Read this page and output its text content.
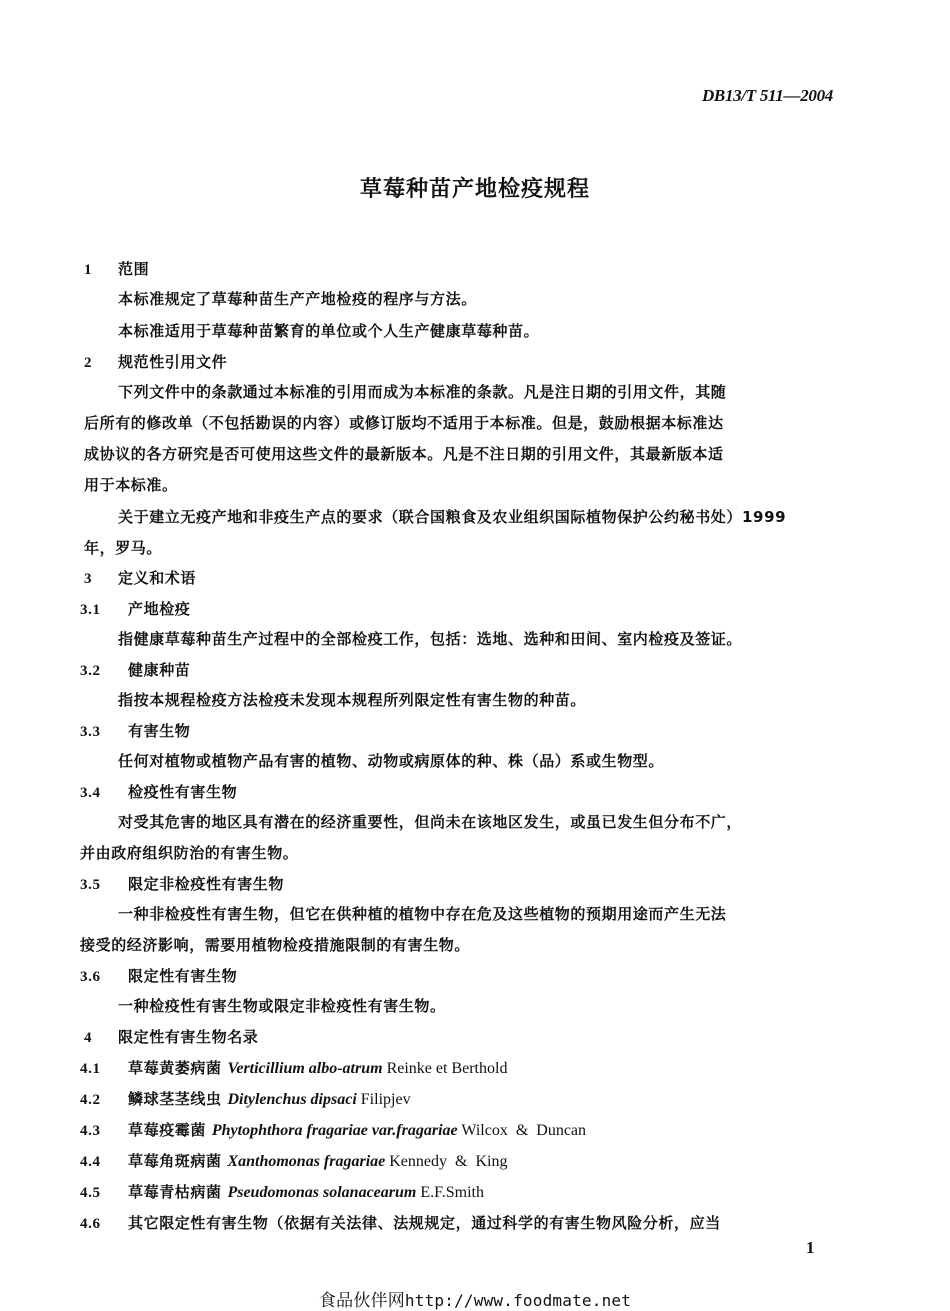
DB13/T 511—2004
草莓种苗产地检疫规程
1 范围
本标准规定了草莓种苗生产产地检疫的程序与方法。
本标准适用于草莓种苗繁育的单位或个人生产健康草莓种苗。
2 规范性引用文件
下列文件中的条款通过本标准的引用而成为本标准的条款。凡是注日期的引用文件，其随
后所有的修改单（不包括勘误的内容）或修订版均不适用于本标准。但是，鼓励根据本标准达
成协议的各方研究是否可使用这些文件的最新版本。凡是不注日期的引用文件，其最新版本适
用于本标准。
关于建立无疫产地和非疫生产点的要求（联合国粮食及农业组织国际植物保护公约秘书处）1999
年，罗马。
3 定义和术语
3.1 产地检疫
指健康草莓种苗生产过程中的全部检疫工作，包括：选地、选种和田间、室内检疫及签证。
3.2 健康种苗
指按本规程检疫方法检疫未发现本规程所列限定性有害生物的种苗。
3.3 有害生物
任何对植物或植物产品有害的植物、动物或病原体的种、株（品）系或生物型。
3.4 检疫性有害生物
对受其危害的地区具有潜在的经济重要性，但尚未在该地区发生，或虽已发生但分布不广，
并由政府组织防治的有害生物。
3.5 限定非检疫性有害生物
一种非检疫性有害生物，但它在供种植的植物中存在危及这些植物的预期用途而产生无法
接受的经济影响，需要用植物检疫措施限制的有害生物。
3.6 限定性有害生物
一种检疫性有害生物或限定非检疫性有害生物。
4 限定性有害生物名录
4.1 草莓黄萎病菌 Verticillium albo-atrum Reinke et Berthold
4.2 鳞球茎茎线虫 Ditylenchus dipsaci Filipjev
4.3 草莓疫霉菌 Phytophthora fragariae var.fragariae Wilcox  &  Duncan
4.4 草莓角斑病菌 Xanthomonas fragariae Kennedy  &  King
4.5 草莓青枯病菌 Pseudomonas solanacearum E.F.Smith
4.6 其它限定性有害生物（依据有关法律、法规规定，通过科学的有害生物风险分析，应当
1
食品伙伴网http://www.foodmate.net
